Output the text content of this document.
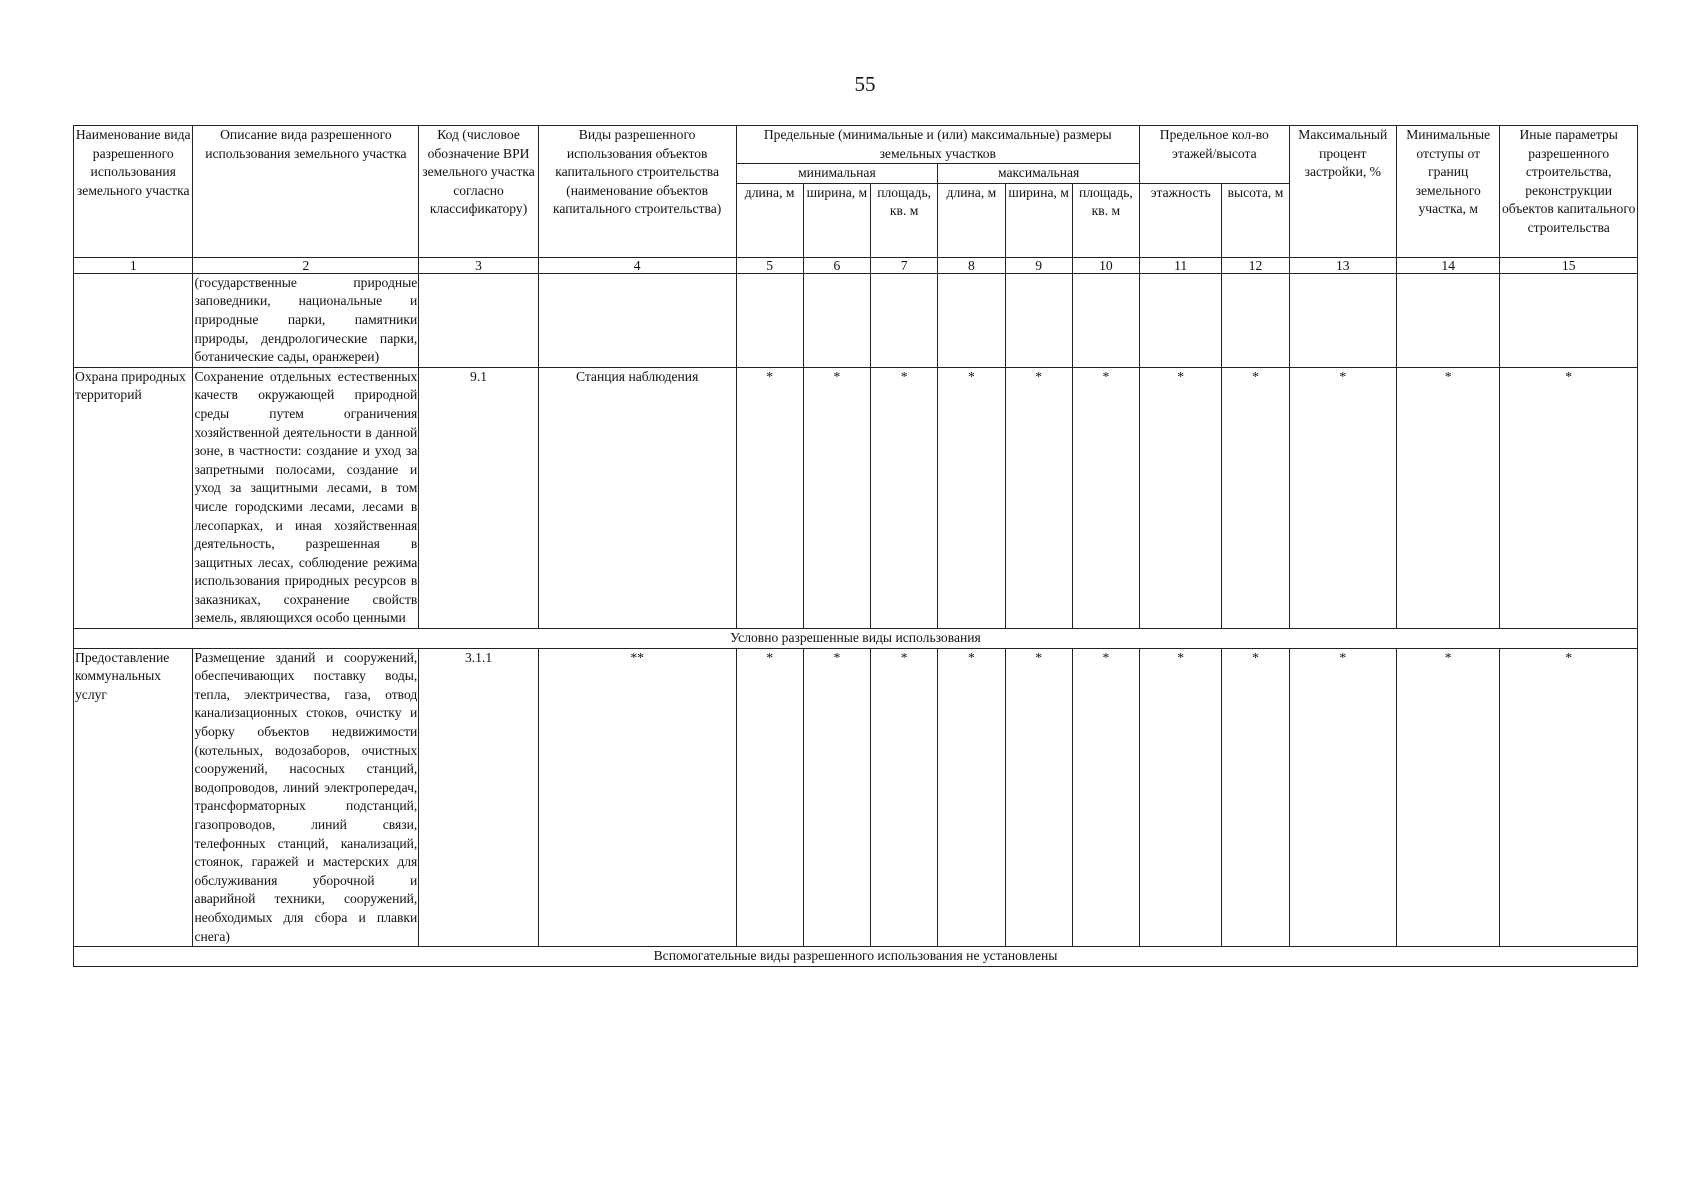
55
Наименование вида разрешенного использования земельного участка	Описание вида разрешенного использования земельного участка	Код (числовое обозначение ВРИ земельного участка согласно классификатору)	Виды разрешенного использования объектов капитального строительства (наименование объектов капитального строительства)	Предельные (минимальные и (или) максимальные) размеры земельных участков						Предельное кол-во этажей/высота		Максимальный процент застройки, %	Минимальные отступы от границ земельного участка, м	Иные параметры разрешенного строительства, реконструкции объектов капитального строительства

				минимальная			максимальная							
				длина, м	ширина, м	площадь, кв. м	длина, м	ширина, м	площадь, кв. м	этажность	высота, м			
1	2	3	4	5	6	7	8	9	10	11	12	13	14	15
	(государственные природные заповедники, национальные и природные парки, памятники природы, дендрологические парки, ботанические сады, оранжереи)													
Охрана природных территорий	Сохранение отдельных естественных качеств окружающей природной среды путем ограничения хозяйственной деятельности в данной зоне, в частности: создание и уход за запретными полосами, создание и уход за защитными лесами, в том числе городскими лесами, лесами в лесопарках, и иная хозяйственная деятельность, разрешенная в защитных лесах, соблюдение режима использования природных ресурсов в заказниках, сохранение свойств земель, являющихся особо ценными	9.1	Станция наблюдения	*	*	*	*	*	*	*	*	*	*	*
Условно разрешенные виды использования														
Предоставление коммунальных услуг	Размещение зданий и сооружений, обеспечивающих поставку воды, тепла, электричества, газа, отвод канализационных стоков, очистку и уборку объектов недвижимости (котельных, водозаборов, очистных сооружений, насосных станций, водопроводов, линий электропередач, трансформаторных подстанций, газопроводов, линий связи, телефонных станций, канализаций, стоянок, гаражей и мастерских для обслуживания уборочной и аварийной техники, сооружений, необходимых для сбора и плавки снега)	3.1.1	**	*	*	*	*	*	*	*	*	*	*	*
Вспомогательные виды разрешенного использования не установлены														
